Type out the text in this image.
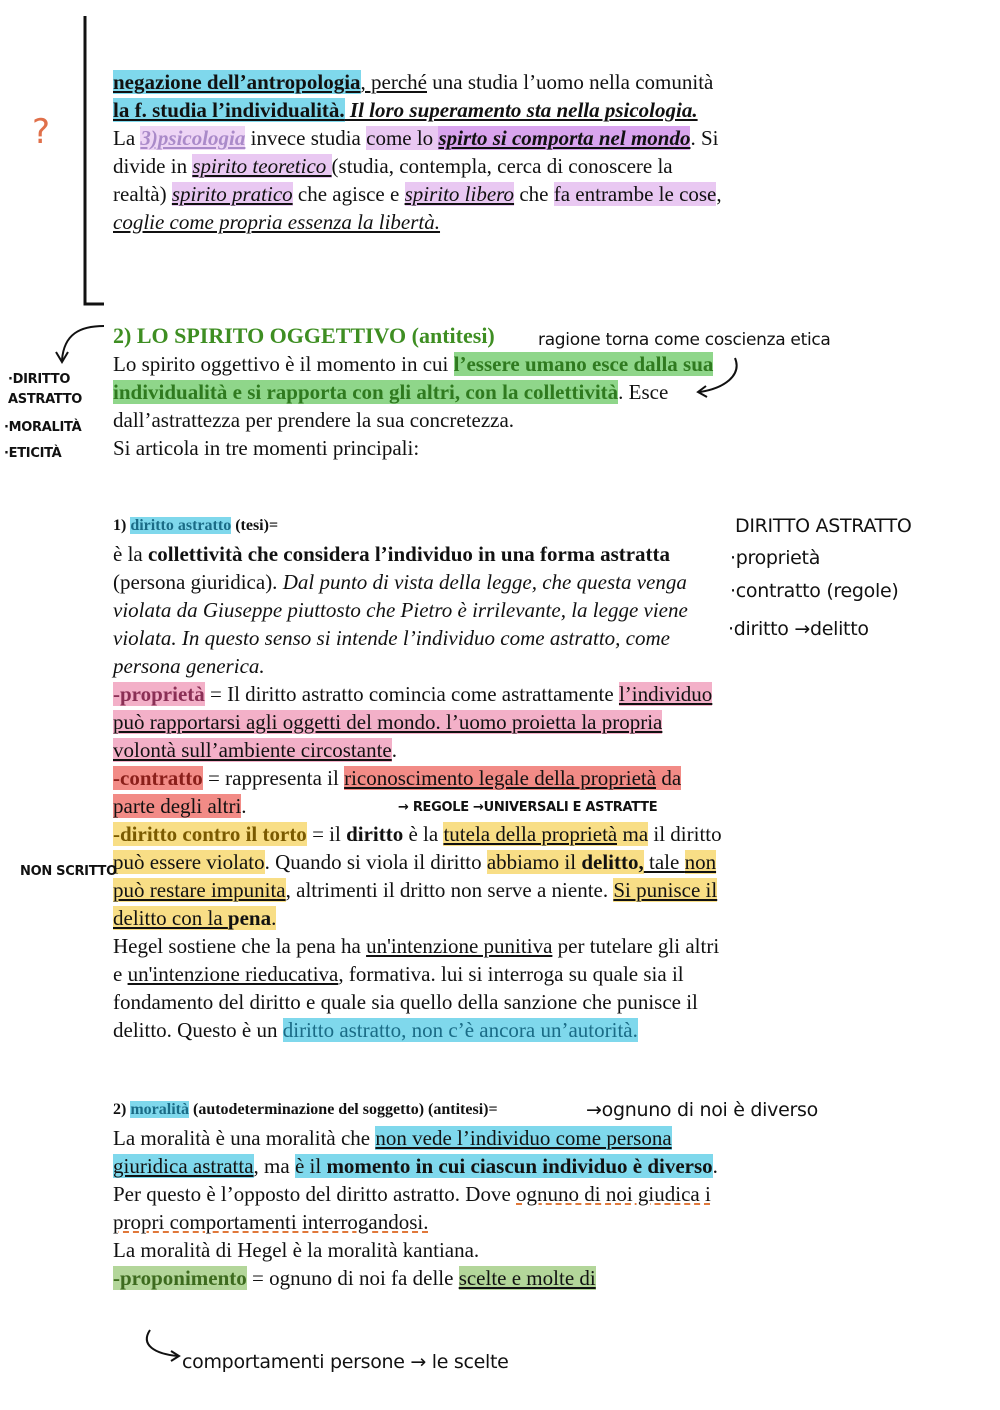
?

negazione dell’antropologia, perché una studia l’uomo nella comunità la f. studia l’individualità. Il loro superamento sta nella psicologia.

La 3)psicologia invece studia come lo spirto si comporta nel mondo. Si divide in spirito teoretico (studia, contempla, cerca di conoscere la realtà) spirito pratico che agisce e spirito libero che fa entrambe le cose, coglie come propria essenza la libertà.

2) LO SPIRITO OGGETTIVO (antitesi)

Lo spirito oggettivo è il momento in cui l’essere umano esce dalla sua individualità e si rapporta con gli altri, con la collettività. Esce dall’astrattezza per prendere la sua concretezza.

Si articola in tre momenti principali:

1) diritto astratto (tesi)=

è la collettività che considera l’individuo in una forma astratta (persona giuridica). Dal punto di vista della legge, che questa venga violata da Giuseppe piuttosto che Pietro è irrilevante, la legge viene violata. In questo senso si intende l’individuo come astratto, come persona generica.

-proprietà = Il diritto astratto comincia come astrattamente l’individuo può rapportarsi agli oggetti del mondo. l’uomo proietta la propria volontà sull’ambiente circostante.

-contratto = rappresenta il riconoscimento legale della proprietà da parte degli altri.

-diritto contro il torto = il diritto è la tutela della proprietà ma il diritto può essere violato. Quando si viola il diritto abbiamo il delitto, tale non può restare impunita, altrimenti il dritto non serve a niente. Si punisce il delitto con la pena.

Hegel sostiene che la pena ha un'intenzione punitiva per tutelare gli altri e un'intenzione rieducativa, formativa. lui si interroga su quale sia il fondamento del diritto e quale sia quello della sanzione che punisce il delitto. Questo è un diritto astratto, non c’è ancora un’autorità.

2) moralità (autodeterminazione del soggetto) (antitesi)=

La moralità è una moralità che non vede l’individuo come persona giuridica astratta, ma è il momento in cui ciascun individuo è diverso. Per questo è l’opposto del diritto astratto. Dove ognuno di noi giudica i propri comportamenti interrogandosi.

La moralità di Hegel è la moralità kantiana.

-proponimento = ognuno di noi fa delle scelte e molte di

·DIRITTO
ASTRATTO
·MORALITÀ
·ETICITÀ
ragione torna come coscienza etica
DIRITTO ASTRATTO
·proprietà
·contratto (regole)
·diritto →delitto
→ REGOLE →UNIVERSALI E ASTRATTE
NON SCRITTO
→ognuno di noi è diverso
comportamenti persone → le scelte
